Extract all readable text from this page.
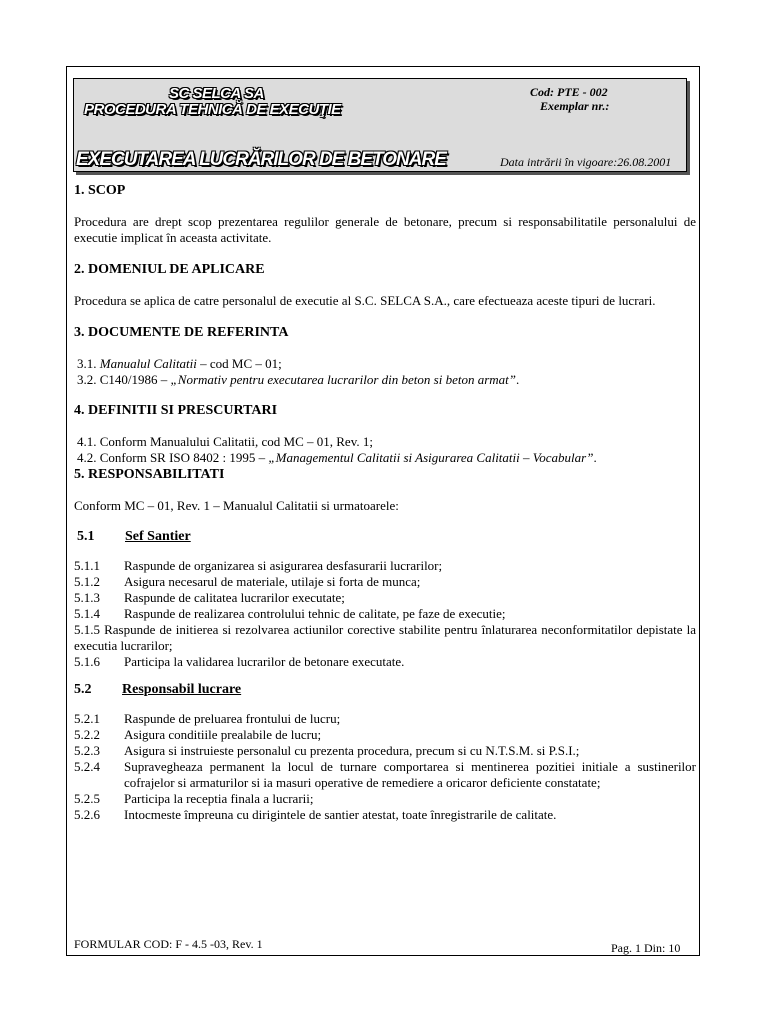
SC SELCA SA
PROCEDURA TEHNICĂ DE EXECUŢIE
Cod: PTE - 002
Exemplar nr.:
EXECUTAREA LUCRĂRILOR DE BETONARE	Data intrării în vigoare:26.08.2001
1. SCOP
Procedura are drept scop prezentarea regulilor generale de betonare, precum si responsabilitatile personalului de executie implicat în aceasta activitate.
2. DOMENIUL DE APLICARE
Procedura se aplica de catre personalul de executie al S.C. SELCA S.A., care efectueaza aceste tipuri de lucrari.
3. DOCUMENTE DE REFERINTA
3.1. Manualul Calitatii – cod MC – 01;
3.2. C140/1986 – „Normativ pentru executarea lucrarilor din beton si beton armat”.
4. DEFINITII SI PRESCURTARI
4.1. Conform Manualului Calitatii, cod MC – 01, Rev. 1;
4.2. Conform SR ISO 8402 : 1995 – „Managementul Calitatii si Asigurarea Calitatii – Vocabular”.
5. RESPONSABILITATI
Conform MC – 01, Rev. 1 – Manualul Calitatii si urmatoarele:
5.1	Sef Santier
5.1.1	Raspunde de organizarea si asigurarea desfasurarii lucrarilor;
5.1.2	Asigura necesarul de materiale, utilaje si forta de munca;
5.1.3	Raspunde de calitatea lucrarilor executate;
5.1.4	Raspunde de realizarea controlului tehnic de calitate, pe faze de executie;
5.1.5 Raspunde de initierea si rezolvarea actiunilor corective stabilite pentru înlaturarea neconformitatilor depistate la executia lucrarilor;
5.1.6	Participa la validarea lucrarilor de betonare executate.
5.2	Responsabil lucrare
5.2.1	Raspunde de preluarea frontului de lucru;
5.2.2	Asigura conditiile prealabile de lucru;
5.2.3	Asigura si instruieste personalul cu prezenta procedura, precum si cu N.T.S.M. si P.S.I.;
5.2.4	Supravegheaza permanent la locul de turnare comportarea si mentinerea pozitiei initiale a sustinerilor cofrajelor si armaturilor si ia masuri operative de remediere a oricaror deficiente constatate;
5.2.5	Participa la receptia finala a lucrarii;
5.2.6	Intocmeste împreuna cu dirigintele de santier atestat, toate înregistrarile de calitate.
FORMULAR COD: F - 4.5 -03, Rev. 1	Pag. 1 Din: 10
